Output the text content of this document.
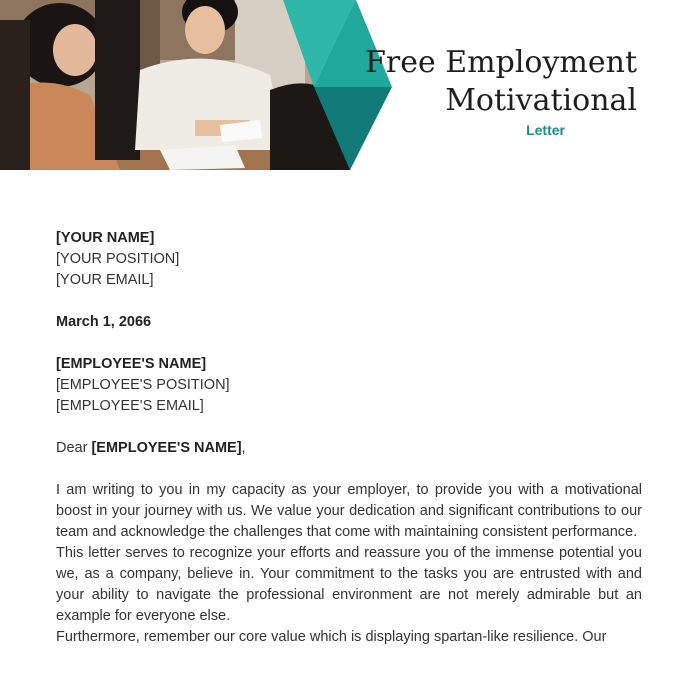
Free Employment
Motivational
Letter

[YOUR NAME]

[YOUR POSITION]

[YOUR EMAIL]

March 1, 2066

[EMPLOYEE'S NAME]

[EMPLOYEE'S POSITION]

[EMPLOYEE'S EMAIL]

Dear [EMPLOYEE'S NAME],

I am writing to you in my capacity as your employer, to provide you with a motivational boost in your journey with us. We value your dedication and significant contributions to our team and acknowledge the challenges that come with maintaining consistent performance.

This letter serves to recognize your efforts and reassure you of the immense potential you we, as a company, believe in. Your commitment to the tasks you are entrusted with and your ability to navigate the professional environment are not merely admirable but an example for everyone else.

Furthermore, remember our core value which is displaying spartan-like resilience. Our
